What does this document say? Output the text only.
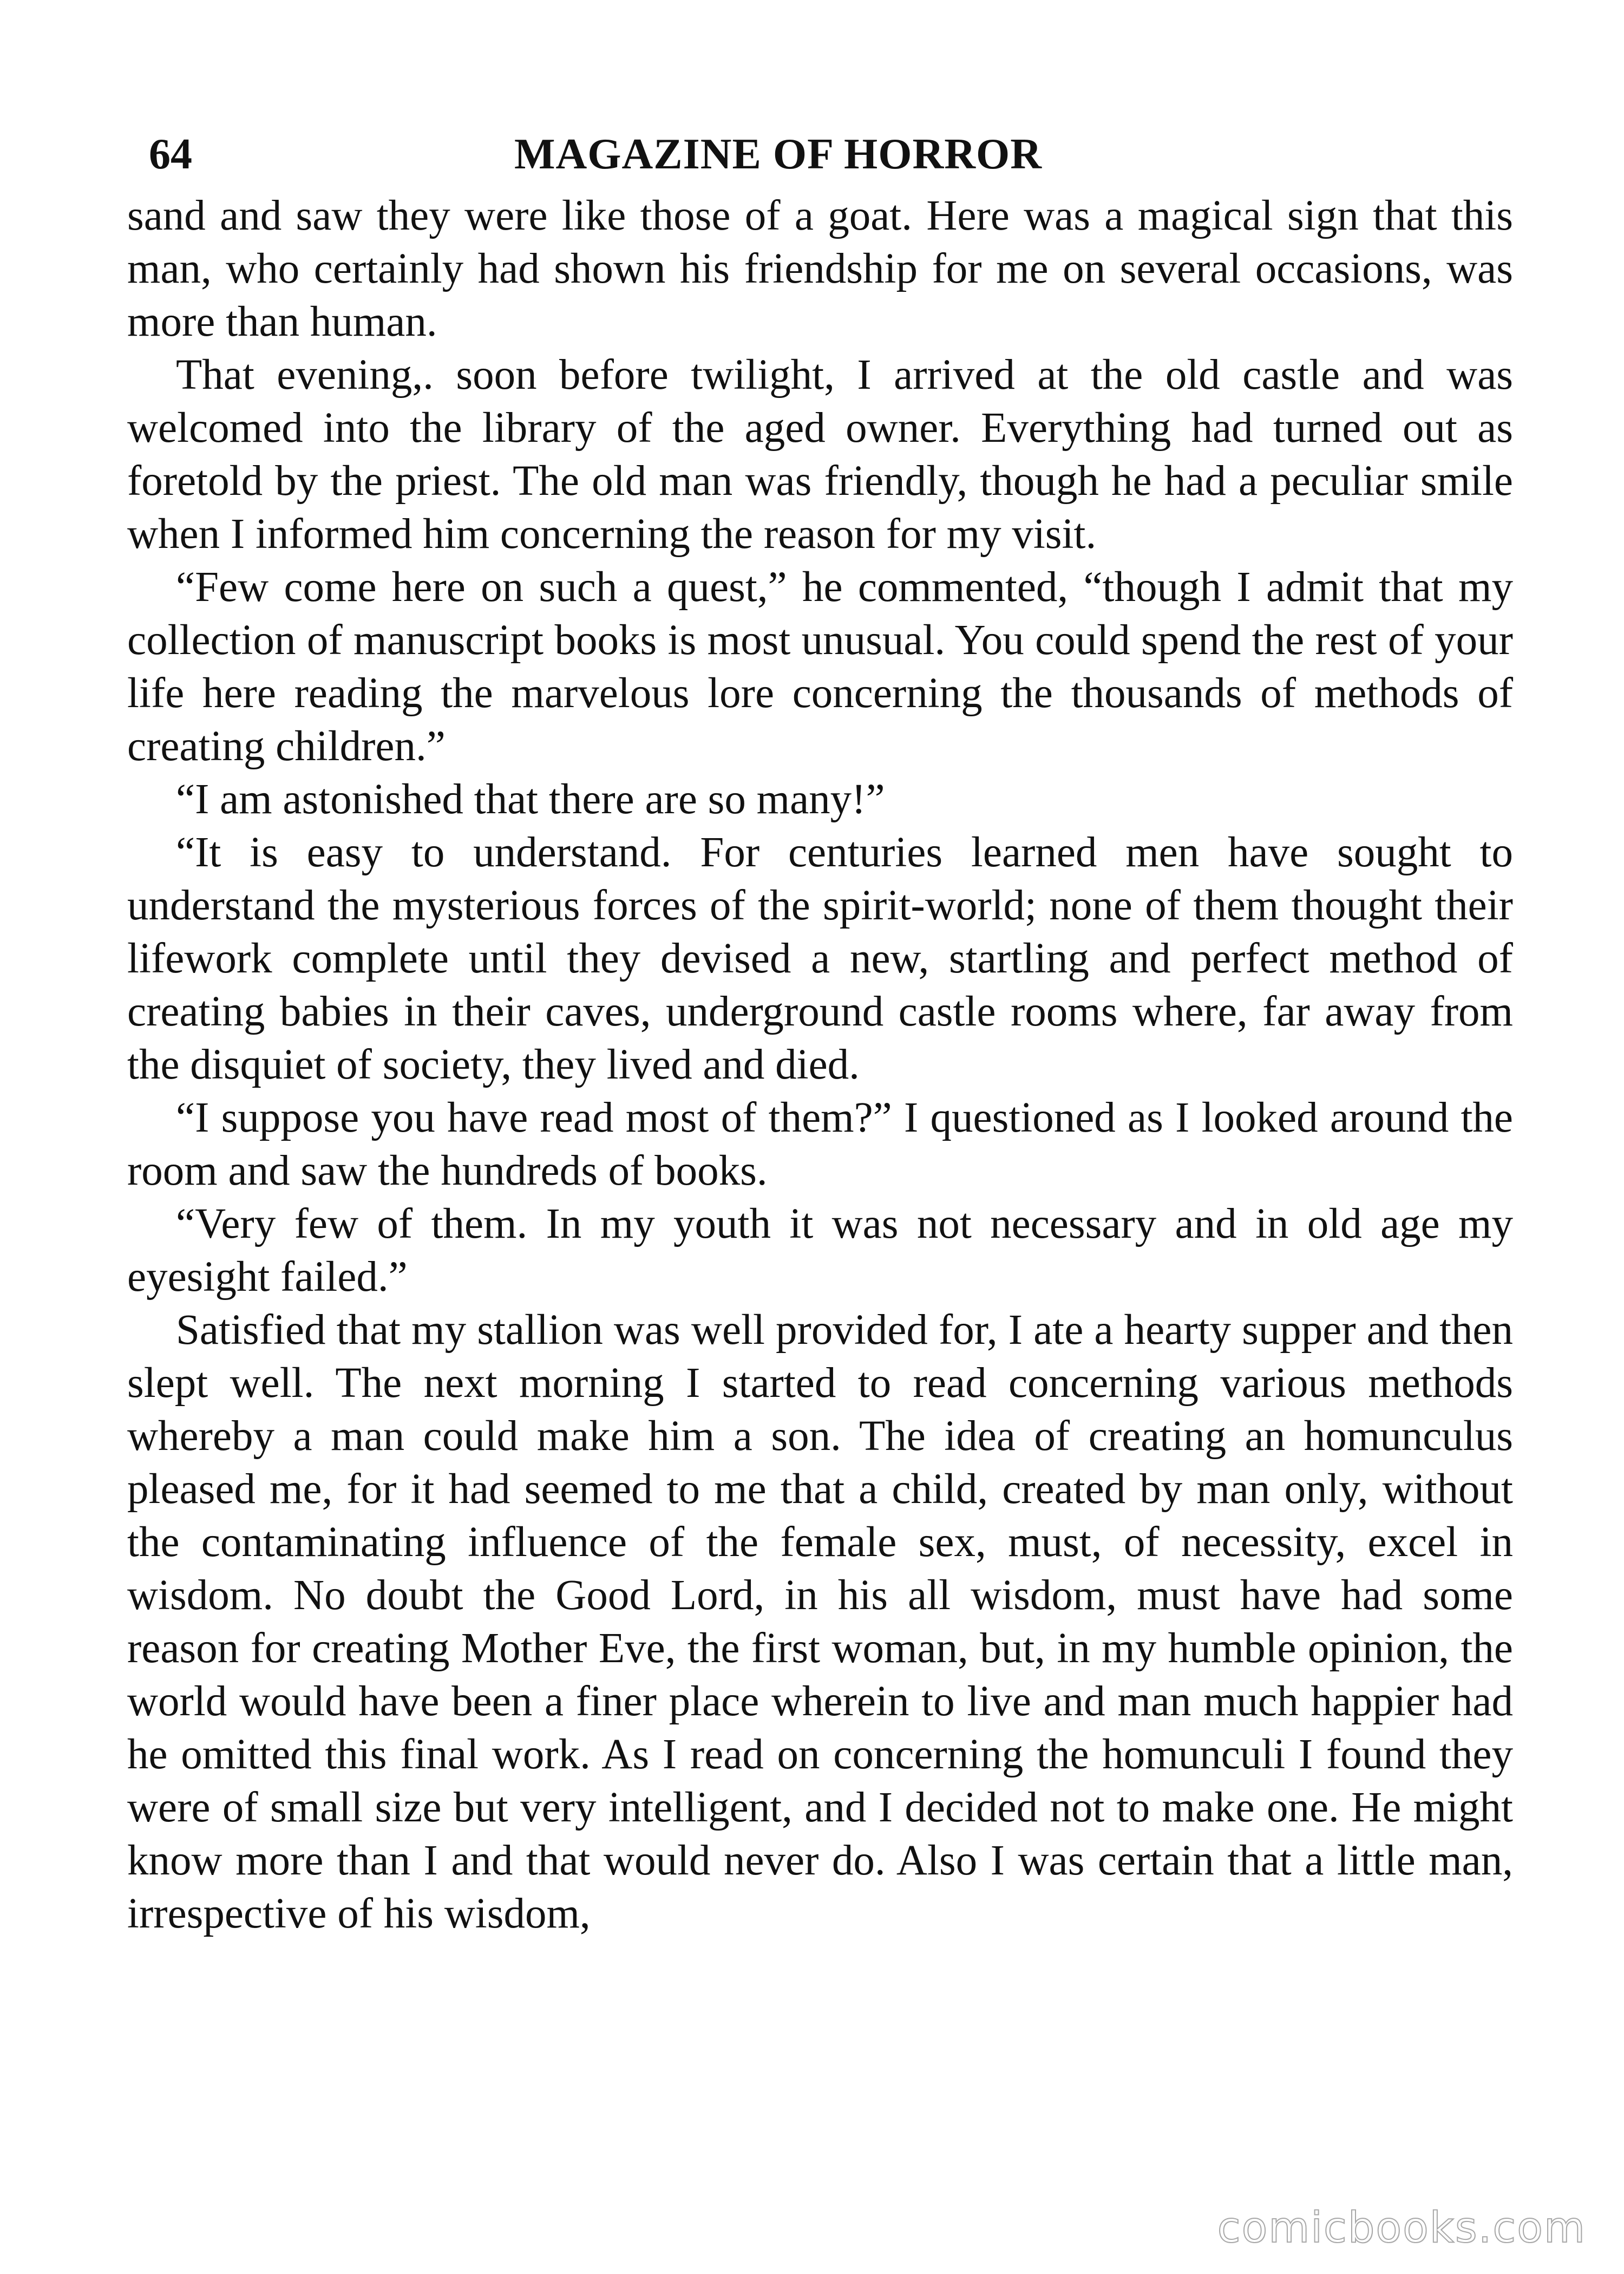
64	MAGAZINE OF HORROR

sand and saw they were like those of a goat. Here was a magical sign that this man, who certainly had shown his friendship for me on several occasions, was more than human.

That evening,. soon before twilight, I arrived at the old castle and was welcomed into the library of the aged owner. Everything had turned out as foretold by the priest. The old man was friendly, though he had a peculiar smile when I informed him concerning the reason for my visit.

“Few come here on such a quest,” he commented, “though I admit that my collection of manuscript books is most unusual. You could spend the rest of your life here reading the marvelous lore concerning the thousands of methods of creating children.”

“I am astonished that there are so many!”

“It is easy to understand. For centuries learned men have sought to understand the mysterious forces of the spirit-world; none of them thought their lifework complete until they devised a new, startling and perfect method of creating babies in their caves, underground castle rooms where, far away from the disquiet of society, they lived and died.

“I suppose you have read most of them?” I questioned as I looked around the room and saw the hundreds of books.

“Very few of them. In my youth it was not necessary and in old age my eyesight failed.”

Satisfied that my stallion was well provided for, I ate a hearty supper and then slept well. The next morning I started to read concerning various methods whereby a man could make him a son. The idea of creating an homunculus pleased me, for it had seemed to me that a child, created by man only, without the contaminating influence of the female sex, must, of necessity, excel in wisdom. No doubt the Good Lord, in his all wisdom, must have had some reason for creating Mother Eve, the first woman, but, in my humble opinion, the world would have been a finer place wherein to live and man much happier had he omitted this final work. As I read on concerning the homunculi I found they were of small size but very intelligent, and I decided not to make one. He might know more than I and that would never do. Also I was certain that a little man, irrespective of his wisdom,

comicbooks.com
